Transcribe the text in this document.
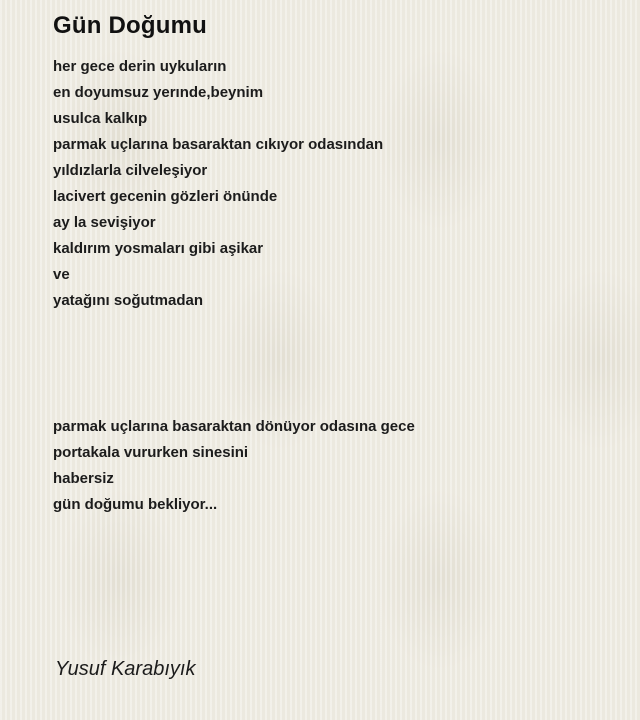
Gün Doğumu
her gece derin uykuların
en doyumsuz yerınde,beynim
usulca kalkıp
parmak uçlarına basaraktan cıkıyor odasından
yıldızlarla cilveleşiyor
lacivert gecenin gözleri önünde
ay la sevişiyor
kaldırım yosmaları gibi aşikar
ve
yatağını soğutmadan
parmak uçlarına basaraktan dönüyor odasına gece
portakala vururken sinesini
habersiz
gün doğumu bekliyor...
Yusuf Karabıyık
